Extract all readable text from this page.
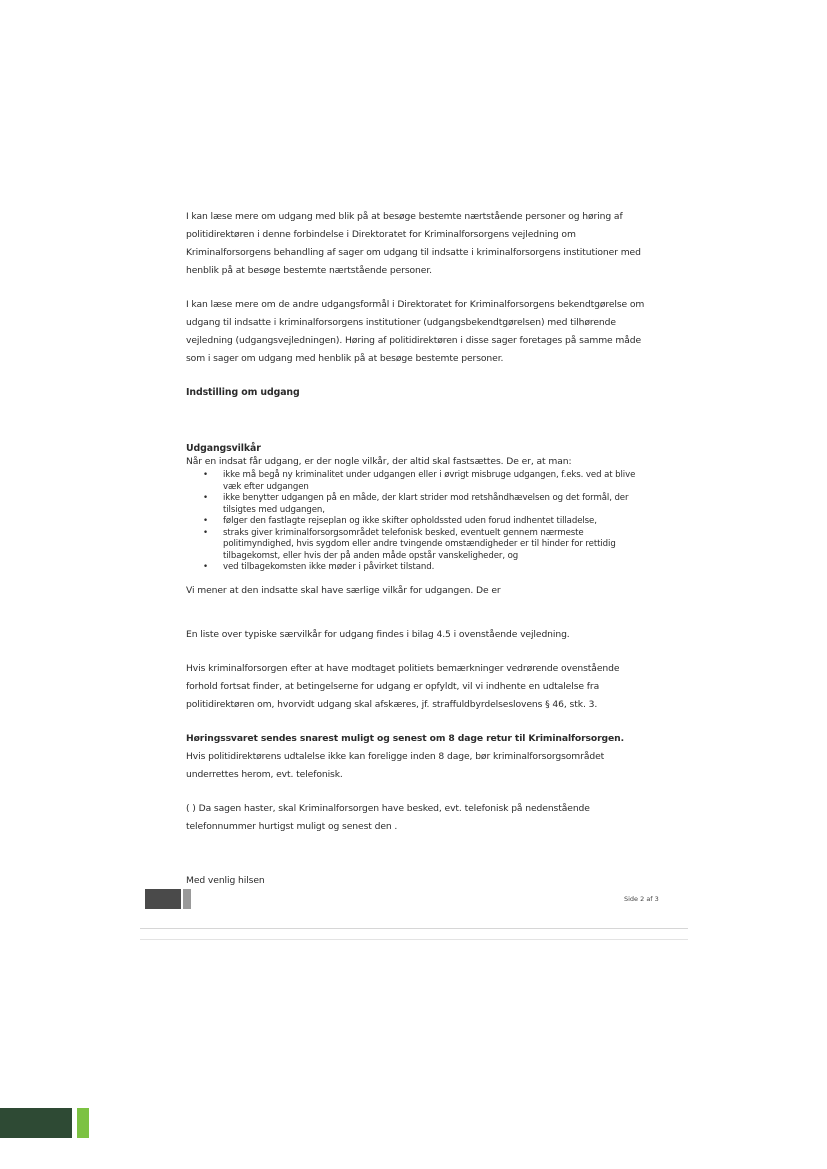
I kan læse mere om udgang med blik på at besøge bestemte nærtstående personer og høring af politidirektøren i denne forbindelse i Direktoratet for Kriminalforsorgens vejledning om Kriminalforsorgens behandling af sager om udgang til indsatte i kriminalforsorgens institutioner med henblik på at besøge bestemte nærtstående personer.

I kan læse mere om de andre udgangsformål i Direktoratet for Kriminalforsorgens bekendtgørelse om udgang til indsatte i kriminalforsorgens institutioner (udgangsbekendtgørelsen) med tilhørende vejledning (udgangsvejledningen). Høring af politidirektøren i disse sager foretages på samme måde som i sager om udgang med henblik på at besøge bestemte personer.

Indstilling om udgang

Udgangsvilkår

Når en indsat får udgang, er der nogle vilkår, der altid skal fastsættes. De er, at man:

• ikke må begå ny kriminalitet under udgangen eller i øvrigt misbruge udgangen, f.eks. ved at blive væk efter udgangen
• ikke benytter udgangen på en måde, der klart strider mod retshåndhævelsen og det formål, der tilsigtes med udgangen,
• følger den fastlagte rejseplan og ikke skifter opholdssted uden forud indhentet tilladelse,
• straks giver kriminalforsorgsområdet telefonisk besked, eventuelt gennem nærmeste politimyndighed, hvis sygdom eller andre tvingende omstændigheder er til hinder for rettidig tilbagekomst, eller hvis der på anden måde opstår vanskeligheder, og
• ved tilbagekomsten ikke møder i påvirket tilstand.

Vi mener at den indsatte skal have særlige vilkår for udgangen. De er

En liste over typiske særvilkår for udgang findes i bilag 4.5 i ovenstående vejledning.

Hvis kriminalforsorgen efter at have modtaget politiets bemærkninger vedrørende ovenstående forhold fortsat finder, at betingelserne for udgang er opfyldt, vil vi indhente en udtalelse fra politidirektøren om, hvorvidt udgang skal afskæres, jf. straffuldbyrdelseslovens § 46, stk. 3.

Høringssvaret sendes snarest muligt og senest om 8 dage retur til Kriminalforsorgen.
Hvis politidirektørens udtalelse ikke kan foreligge inden 8 dage, bør kriminalforsorgsområdet underrettes herom, evt. telefonisk.

( ) Da sagen haster, skal Kriminalforsorgen have besked, evt. telefonisk på nedenstående telefonnummer hurtigst muligt og senest den .

Med venlig hilsen

Side 2 af 3
